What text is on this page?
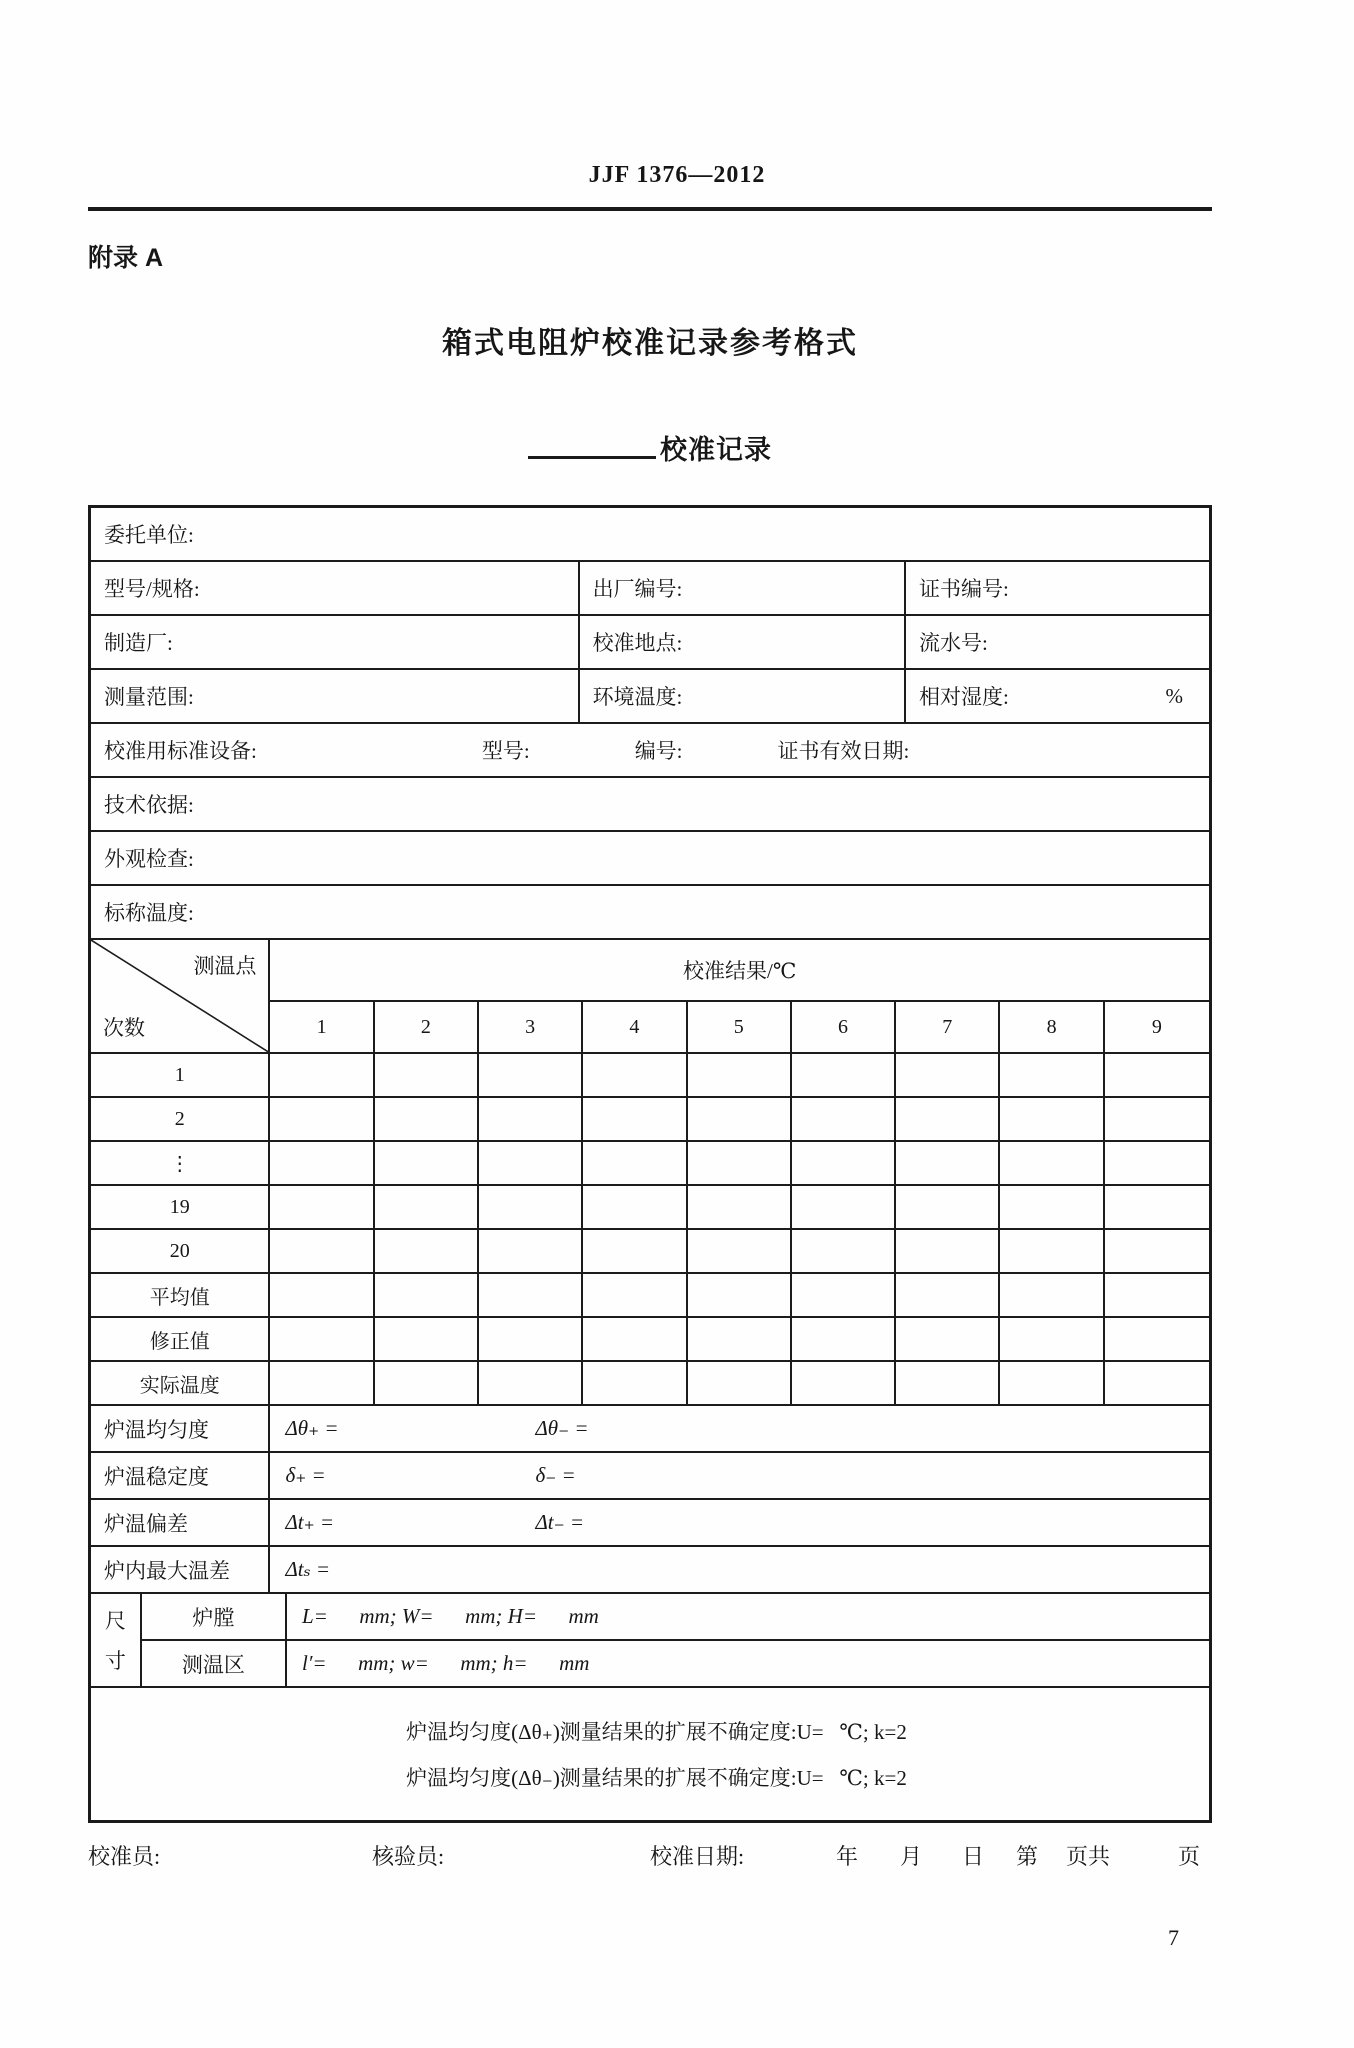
JJF 1376—2012
附录 A
箱式电阻炉校准记录参考格式
校准记录
委托单位:
型号/规格:	出厂编号:	证书编号:
制造厂:	校准地点:	流水号:
测量范围:	环境温度:	相对湿度:	%
校准用标准设备:	型号:	编号:	证书有效日期:
技术依据:
外观检查:
标称温度:
测温点
次数
校准结果/℃
1	2	3	4	5	6	7	8	9
1
2
⋮
19
20
平均值
修正值
实际温度
炉温均匀度	Δθ₊ =	Δθ₋ =
炉温稳定度	δ₊ =	δ₋ =
炉温偏差	Δt₊ =	Δt₋ =
炉内最大温差	Δtₛ =
尺
寸
炉膛	L=      mm; W=      mm; H=      mm
测温区	l′=      mm; w=      mm; h=      mm
炉温均匀度(Δθ₊)测量结果的扩展不确定度:U=   ℃; k=2
炉温均匀度(Δθ₋)测量结果的扩展不确定度:U=   ℃; k=2
校准员:	核验员:	校准日期:	年 月 日 第 页共	页
7
